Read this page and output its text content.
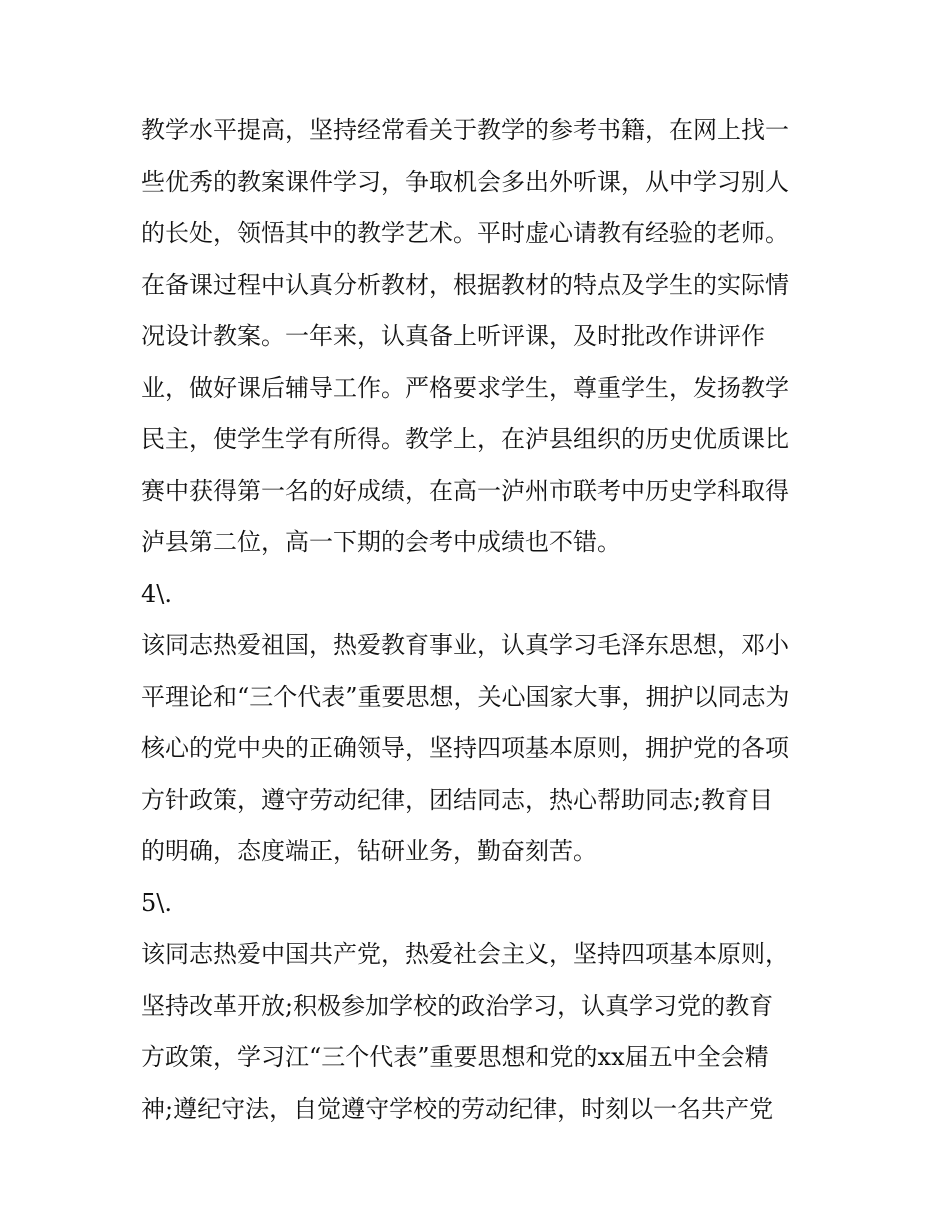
教学水平提高，坚持经常看关于教学的参考书籍，在网上找一
些优秀的教案课件学习，争取机会多出外听课，从中学习别人
的长处，领悟其中的教学艺术。平时虚心请教有经验的老师。
在备课过程中认真分析教材，根据教材的特点及学生的实际情
况设计教案。一年来，认真备上听评课，及时批改作讲评作
业，做好课后辅导工作。严格要求学生，尊重学生，发扬教学
民主，使学生学有所得。教学上，在泸县组织的历史优质课比
赛中获得第一名的好成绩，在高一泸州市联考中历史学科取得
泸县第二位，高一下期的会考中成绩也不错。
4\.
该同志热爱祖国，热爱教育事业，认真学习毛泽东思想，邓小
平理论和“三个代表”重要思想，关心国家大事，拥护以同志为
核心的党中央的正确领导，坚持四项基本原则，拥护党的各项
方针政策，遵守劳动纪律，团结同志，热心帮助同志;教育目
的明确，态度端正，钻研业务，勤奋刻苦。
5\.
该同志热爱中国共产党，热爱社会主义，坚持四项基本原则，
坚持改革开放;积极参加学校的政治学习，认真学习党的教育
方政策，学习江“三个代表”重要思想和党的xx届五中全会精
神;遵纪守法，自觉遵守学校的劳动纪律，时刻以一名共产党
